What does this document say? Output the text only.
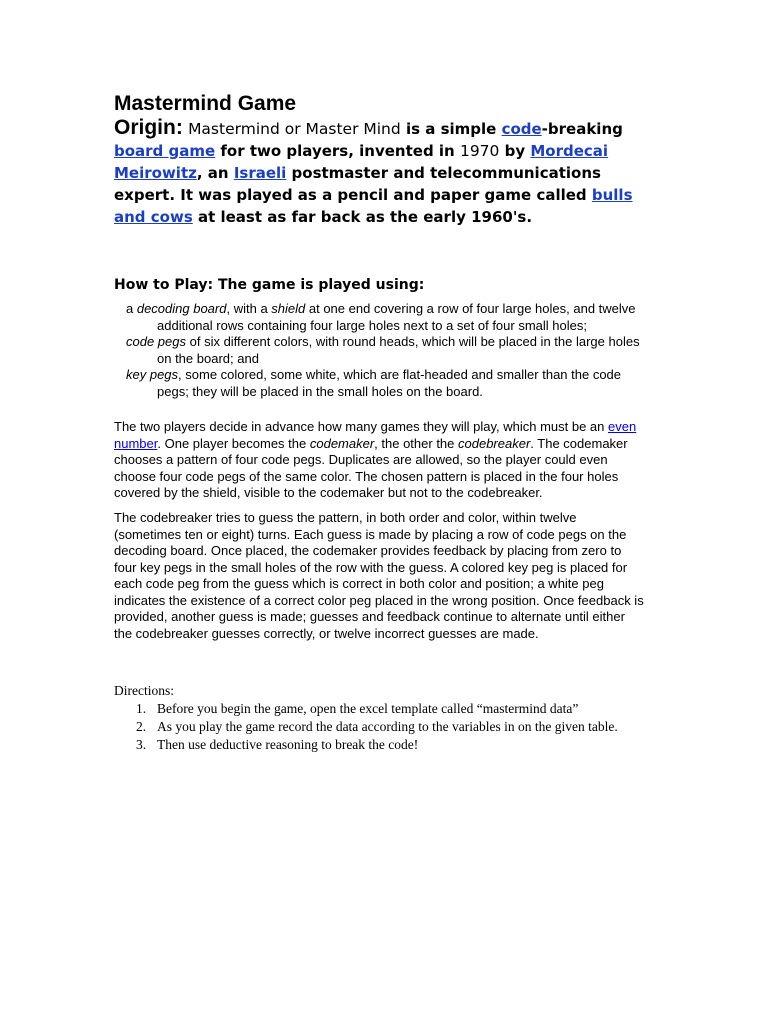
Mastermind Game

Origin: Mastermind or Master Mind is a simple code-breaking board game for two players, invented in 1970 by Mordecai Meirowitz, an Israeli postmaster and telecommunications expert. It was played as a pencil and paper game called bulls and cows at least as far back as the early 1960's.

How to Play: The game is played using:

a decoding board, with a shield at one end covering a row of four large holes, and twelve additional rows containing four large holes next to a set of four small holes;
code pegs of six different colors, with round heads, which will be placed in the large holes on the board; and
key pegs, some colored, some white, which are flat-headed and smaller than the code pegs; they will be placed in the small holes on the board.

The two players decide in advance how many games they will play, which must be an even number. One player becomes the codemaker, the other the codebreaker. The codemaker chooses a pattern of four code pegs. Duplicates are allowed, so the player could even choose four code pegs of the same color. The chosen pattern is placed in the four holes covered by the shield, visible to the codemaker but not to the codebreaker.

The codebreaker tries to guess the pattern, in both order and color, within twelve (sometimes ten or eight) turns. Each guess is made by placing a row of code pegs on the decoding board. Once placed, the codemaker provides feedback by placing from zero to four key pegs in the small holes of the row with the guess. A colored key peg is placed for each code peg from the guess which is correct in both color and position; a white peg indicates the existence of a correct color peg placed in the wrong position. Once feedback is provided, another guess is made; guesses and feedback continue to alternate until either the codebreaker guesses correctly, or twelve incorrect guesses are made.

Directions:

1. Before you begin the game, open the excel template called “mastermind data”
2. As you play the game record the data according to the variables in on the given table.
3. Then use deductive reasoning to break the code!
